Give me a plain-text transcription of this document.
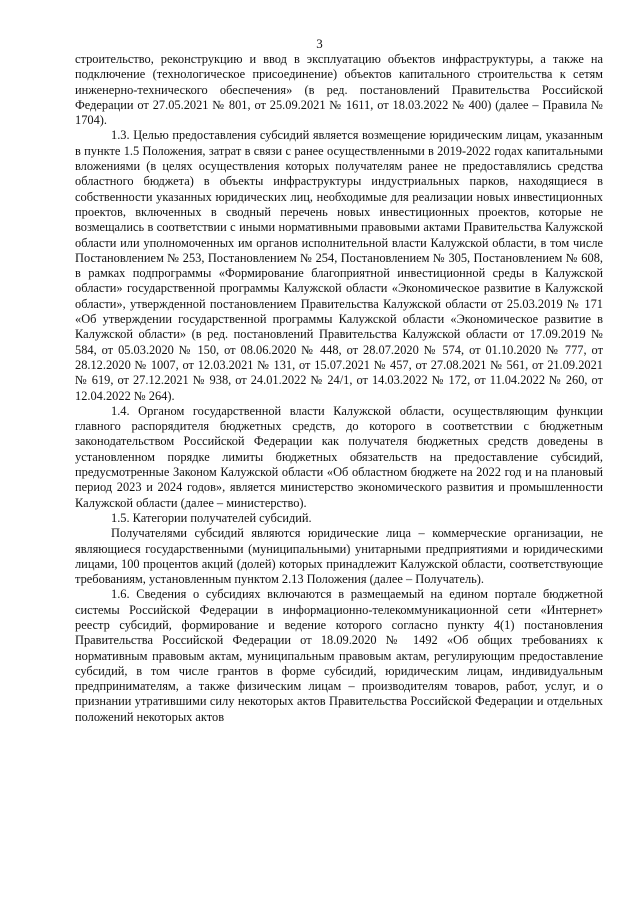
3

строительство, реконструкцию и ввод в эксплуатацию объектов инфраструктуры, а также на подключение (технологическое присоединение) объектов капитального строительства к сетям инженерно-технического обеспечения» (в ред. постановлений Правительства Российской Федерации от 27.05.2021 № 801, от 25.09.2021 № 1611, от 18.03.2022 № 400) (далее – Правила № 1704).

1.3. Целью предоставления субсидий является возмещение юридическим лицам, указанным в пункте 1.5 Положения, затрат в связи с ранее осуществленными в 2019-2022 годах капитальными вложениями (в целях осуществления которых получателям ранее не предоставлялись средства областного бюджета) в объекты инфраструктуры индустриальных парков, находящиеся в собственности указанных юридических лиц, необходимые для реализации новых инвестиционных проектов, включенных в сводный перечень новых инвестиционных проектов, которые не возмещались в соответствии с иными нормативными правовыми актами Правительства Калужской области или уполномоченных им органов исполнительной власти Калужской области, в том числе Постановлением № 253, Постановлением № 254, Постановлением № 305, Постановлением № 608, в рамках подпрограммы «Формирование благоприятной инвестиционной среды в Калужской области» государственной программы Калужской области «Экономическое развитие в Калужской области», утвержденной постановлением Правительства Калужской области от 25.03.2019 № 171 «Об утверждении государственной программы Калужской области «Экономическое развитие в Калужской области» (в ред. постановлений Правительства Калужской области от 17.09.2019 № 584, от 05.03.2020 № 150, от 08.06.2020 № 448, от 28.07.2020 № 574, от 01.10.2020 № 777, от 28.12.2020 № 1007, от 12.03.2021 № 131, от 15.07.2021 № 457, от 27.08.2021 № 561, от 21.09.2021 № 619, от 27.12.2021 № 938, от 24.01.2022 № 24/1, от 14.03.2022 № 172, от 11.04.2022 № 260, от 12.04.2022 № 264).

1.4. Органом государственной власти Калужской области, осуществляющим функции главного распорядителя бюджетных средств, до которого в соответствии с бюджетным законодательством Российской Федерации как получателя бюджетных средств доведены в установленном порядке лимиты бюджетных обязательств на предоставление субсидий, предусмотренные Законом Калужской области «Об областном бюджете на 2022 год и на плановый период 2023 и 2024 годов», является министерство экономического развития и промышленности Калужской области (далее – министерство).

1.5. Категории получателей субсидий.

Получателями субсидий являются юридические лица – коммерческие организации, не являющиеся государственными (муниципальными) унитарными предприятиями и юридическими лицами, 100 процентов акций (долей) которых принадлежит Калужской области, соответствующие требованиям, установленным пунктом 2.13 Положения (далее – Получатель).

1.6. Сведения о субсидиях включаются в размещаемый на едином портале бюджетной системы Российской Федерации в информационно-телекоммуникационной сети «Интернет» реестр субсидий, формирование и ведение которого согласно пункту 4(1) постановления Правительства Российской Федерации от 18.09.2020 № 1492 «Об общих требованиях к нормативным правовым актам, муниципальным правовым актам, регулирующим предоставление субсидий, в том числе грантов в форме субсидий, юридическим лицам, индивидуальным предпринимателям, а также физическим лицам – производителям товаров, работ, услуг, и о признании утратившими силу некоторых актов Правительства Российской Федерации и отдельных положений некоторых актов
